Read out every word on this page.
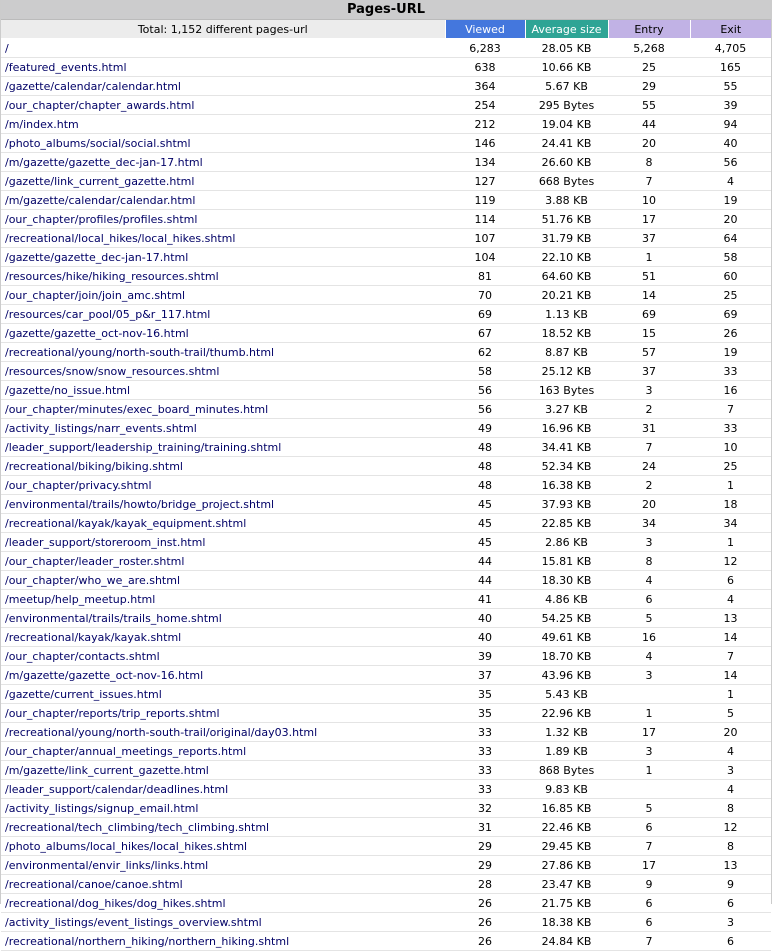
Pages-URL
Total: 1,152 different pages-url	Viewed	Average size	Entry	Exit
/	6,283	28.05 KB	5,268	4,705
/featured_events.html	638	10.66 KB	25	165
/gazette/calendar/calendar.html	364	5.67 KB	29	55
/our_chapter/chapter_awards.html	254	295 Bytes	55	39
/m/index.htm	212	19.04 KB	44	94
/photo_albums/social/social.shtml	146	24.41 KB	20	40
/m/gazette/gazette_dec-jan-17.html	134	26.60 KB	8	56
/gazette/link_current_gazette.html	127	668 Bytes	7	4
/m/gazette/calendar/calendar.html	119	3.88 KB	10	19
/our_chapter/profiles/profiles.shtml	114	51.76 KB	17	20
/recreational/local_hikes/local_hikes.shtml	107	31.79 KB	37	64
/gazette/gazette_dec-jan-17.html	104	22.10 KB	1	58
/resources/hike/hiking_resources.shtml	81	64.60 KB	51	60
/our_chapter/join/join_amc.shtml	70	20.21 KB	14	25
/resources/car_pool/05_p&r_117.html	69	1.13 KB	69	69
/gazette/gazette_oct-nov-16.html	67	18.52 KB	15	26
/recreational/young/north-south-trail/thumb.html	62	8.87 KB	57	19
/resources/snow/snow_resources.shtml	58	25.12 KB	37	33
/gazette/no_issue.html	56	163 Bytes	3	16
/our_chapter/minutes/exec_board_minutes.html	56	3.27 KB	2	7
/activity_listings/narr_events.shtml	49	16.96 KB	31	33
/leader_support/leadership_training/training.shtml	48	34.41 KB	7	10
/recreational/biking/biking.shtml	48	52.34 KB	24	25
/our_chapter/privacy.shtml	48	16.38 KB	2	1
/environmental/trails/howto/bridge_project.shtml	45	37.93 KB	20	18
/recreational/kayak/kayak_equipment.shtml	45	22.85 KB	34	34
/leader_support/storeroom_inst.html	45	2.86 KB	3	1
/our_chapter/leader_roster.shtml	44	15.81 KB	8	12
/our_chapter/who_we_are.shtml	44	18.30 KB	4	6
/meetup/help_meetup.html	41	4.86 KB	6	4
/environmental/trails/trails_home.shtml	40	54.25 KB	5	13
/recreational/kayak/kayak.shtml	40	49.61 KB	16	14
/our_chapter/contacts.shtml	39	18.70 KB	4	7
/m/gazette/gazette_oct-nov-16.html	37	43.96 KB	3	14
/gazette/current_issues.html	35	5.43 KB		1
/our_chapter/reports/trip_reports.shtml	35	22.96 KB	1	5
/recreational/young/north-south-trail/original/day03.html	33	1.32 KB	17	20
/our_chapter/annual_meetings_reports.html	33	1.89 KB	3	4
/m/gazette/link_current_gazette.html	33	868 Bytes	1	3
/leader_support/calendar/deadlines.html	33	9.83 KB		4
/activity_listings/signup_email.html	32	16.85 KB	5	8
/recreational/tech_climbing/tech_climbing.shtml	31	22.46 KB	6	12
/photo_albums/local_hikes/local_hikes.shtml	29	29.45 KB	7	8
/environmental/envir_links/links.html	29	27.86 KB	17	13
/recreational/canoe/canoe.shtml	28	23.47 KB	9	9
/recreational/dog_hikes/dog_hikes.shtml	26	21.75 KB	6	6
/activity_listings/event_listings_overview.shtml	26	18.38 KB	6	3
/recreational/northern_hiking/northern_hiking.shtml	26	24.84 KB	7	6
